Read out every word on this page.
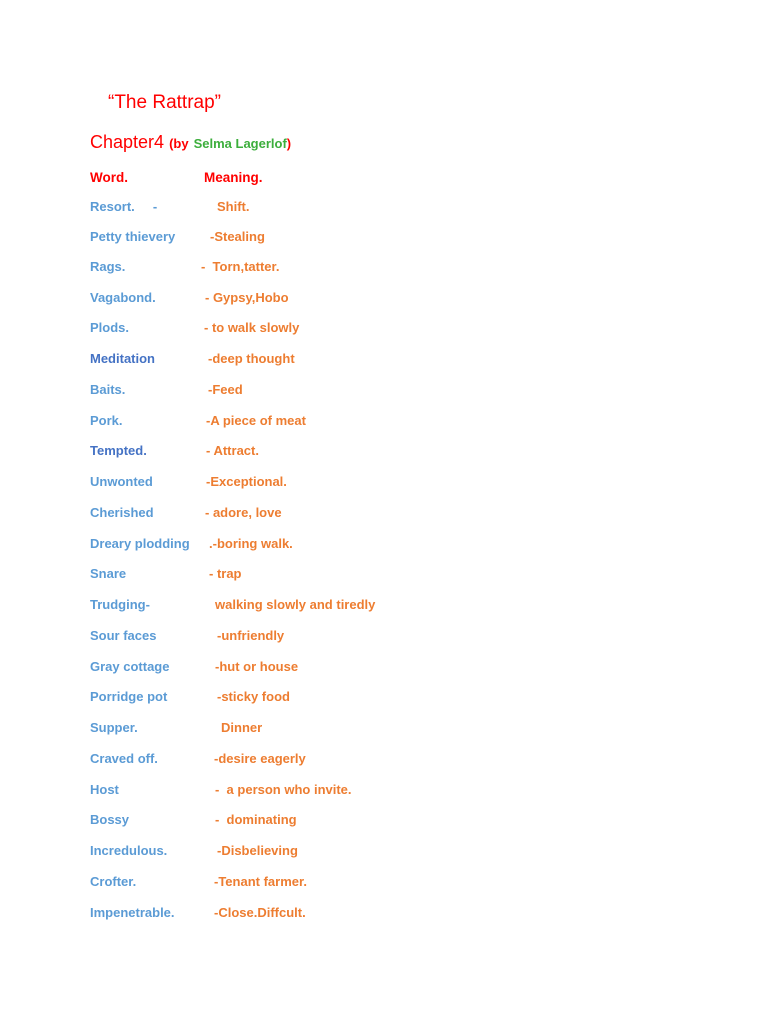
“The Rattrap”
Chapter4 (by Selma Lagerlof)
Word.	Meaning.
Resort.     -	Shift.
Petty thievery	-Stealing
Rags.	-  Torn,tatter.
Vagabond.	- Gypsy,Hobo
Plods.	- to walk slowly
Meditation	-deep thought
Baits.	-Feed
Pork.	-A piece of meat
Tempted.	- Attract.
Unwonted	-Exceptional.
Cherished	- adore, love
Dreary plodding .-boring walk.
Snare	- trap
Trudging-	walking slowly and tiredly
Sour faces	-unfriendly
Gray cottage	-hut or house
Porridge pot	-sticky food
Supper.	Dinner
Craved off.	-desire eagerly
Host	-  a person who invite.
Bossy	-  dominating
Incredulous.	-Disbelieving
Crofter.	-Tenant farmer.
Impenetrable.	-Close.Diffcult.
